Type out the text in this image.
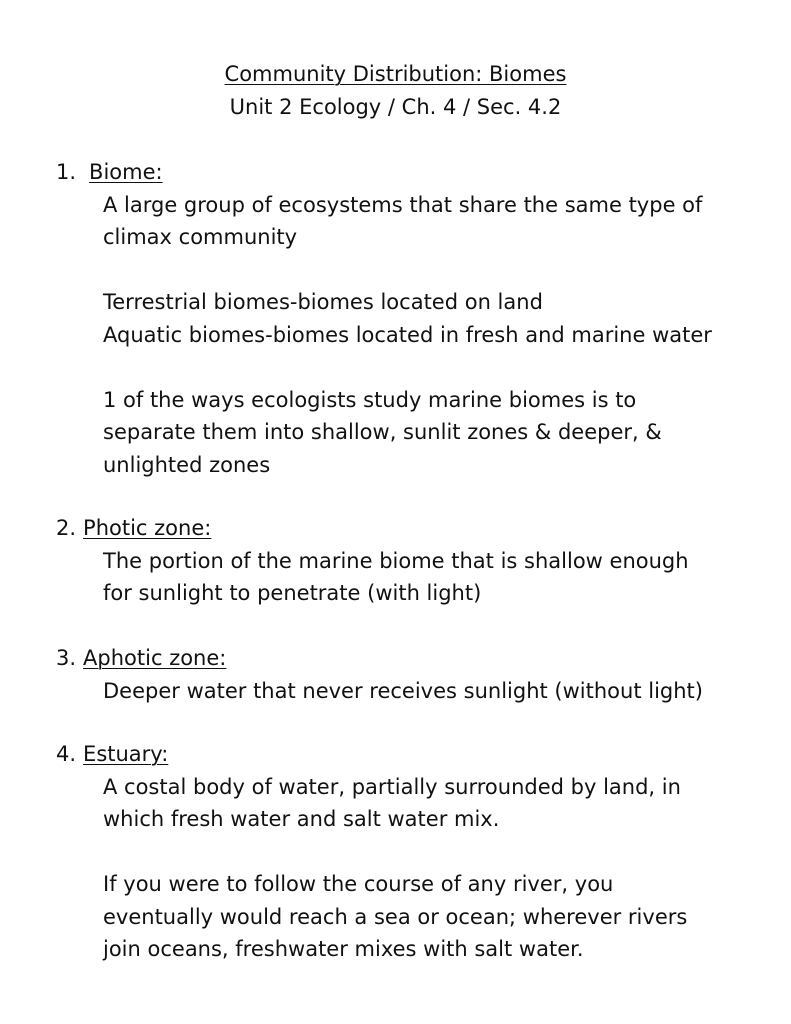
Community Distribution: Biomes
Unit 2 Ecology / Ch. 4 / Sec. 4.2
1. Biome:
A large group of ecosystems that share the same type of
climax community
Terrestrial biomes-biomes located on land
Aquatic biomes-biomes located in fresh and marine water
1 of the ways ecologists study marine biomes is to
separate them into shallow, sunlit zones & deeper, &
unlighted zones
2. Photic zone:
The portion of the marine biome that is shallow enough
for sunlight to penetrate (with light)
3. Aphotic zone:
Deeper water that never receives sunlight (without light)
4. Estuary:
A costal body of water, partially surrounded by land, in
which fresh water and salt water mix.
If you were to follow the course of any river, you
eventually would reach a sea or ocean; wherever rivers
join oceans, freshwater mixes with salt water.
